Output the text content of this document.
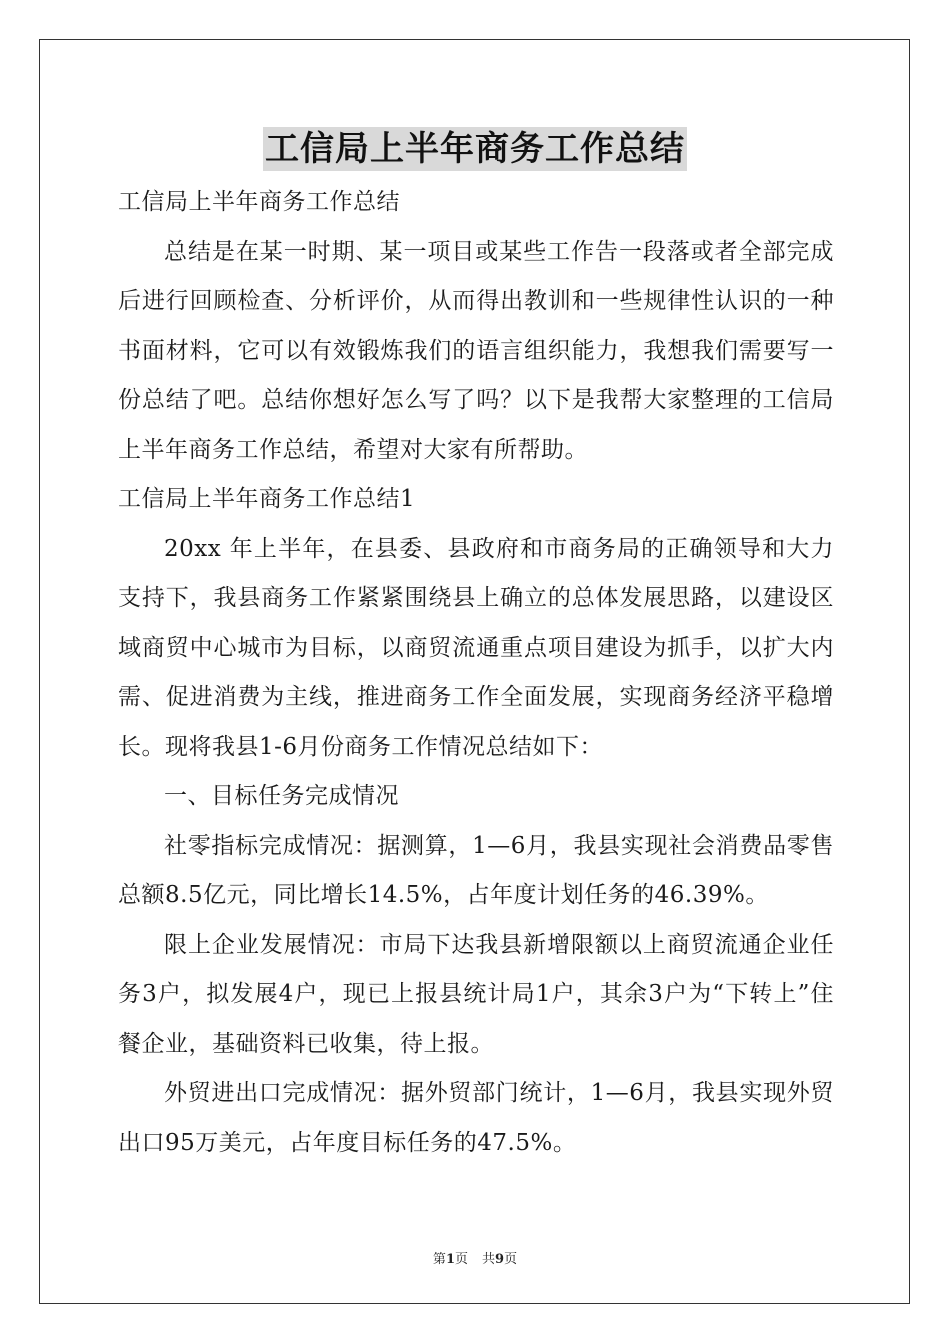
工信局上半年商务工作总结

工信局上半年商务工作总结

总结是在某一时期、某一项目或某些工作告一段落或者全部完成后进行回顾检查、分析评价，从而得出教训和一些规律性认识的一种书面材料，它可以有效锻炼我们的语言组织能力，我想我们需要写一份总结了吧。总结你想好怎么写了吗？以下是我帮大家整理的工信局上半年商务工作总结，希望对大家有所帮助。

工信局上半年商务工作总结1

20xx 年上半年，在县委、县政府和市商务局的正确领导和大力支持下，我县商务工作紧紧围绕县上确立的总体发展思路，以建设区域商贸中心城市为目标，以商贸流通重点项目建设为抓手，以扩大内需、促进消费为主线，推进商务工作全面发展，实现商务经济平稳增长。现将我县1-6月份商务工作情况总结如下：

一、目标任务完成情况

社零指标完成情况：据测算，1—6月，我县实现社会消费品零售总额8.5亿元，同比增长14.5%，占年度计划任务的46.39%。

限上企业发展情况：市局下达我县新增限额以上商贸流通企业任务3户，拟发展4户，现已上报县统计局1户，其余3户为“下转上”住餐企业，基础资料已收集，待上报。

外贸进出口完成情况：据外贸部门统计，1—6月，我县实现外贸出口95万美元，占年度目标任务的47.5%。

第1页 共9页
